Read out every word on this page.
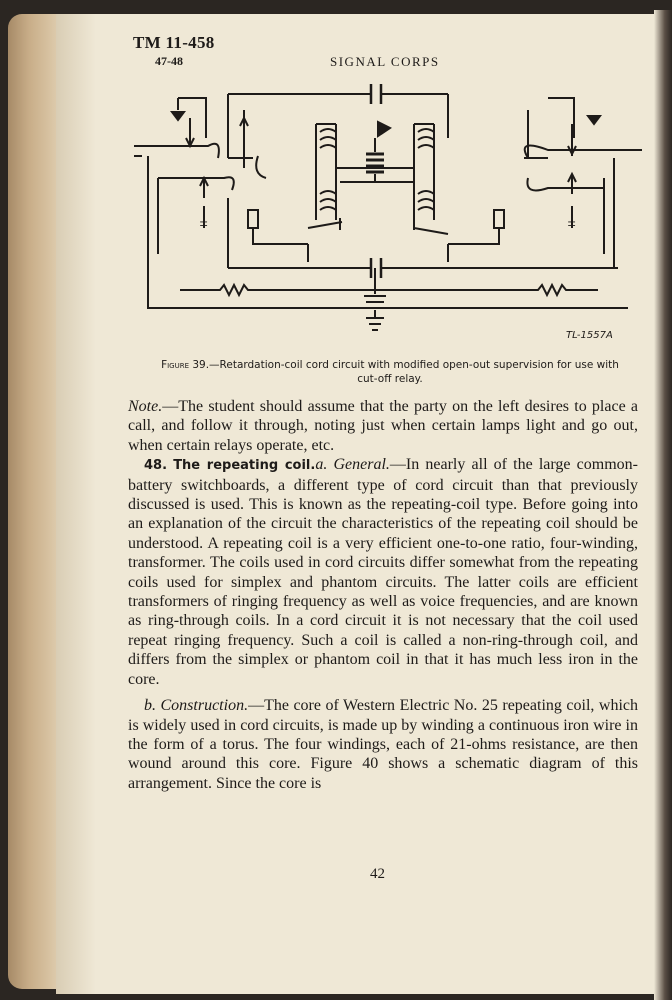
TM 11-458
47-48	SIGNAL CORPS
±	±
TL-1557A
Figure 39.—Retardation-coil cord circuit with modified open-out supervision for use with cut-off relay.

Note.—The student should assume that the party on the left desires to place a call, and follow it through, noting just when certain lamps light and go out, when certain relays operate, etc.

48. The repeating coil.a. General.—In nearly all of the large common-battery switchboards, a different type of cord circuit than that previously discussed is used. This is known as the repeating-coil type. Before going into an explanation of the circuit the characteristics of the repeating coil should be understood. A repeating coil is a very efficient one-to-one ratio, four-winding, transformer. The coils used in cord circuits differ somewhat from the repeating coils used for simplex and phantom circuits. The latter coils are efficient transformers of ringing frequency as well as voice frequencies, and are known as ring-through coils. In a cord circuit it is not necessary that the coil used repeat ringing frequency. Such a coil is called a non-ring-through coil, and differs from the simplex or phantom coil in that it has much less iron in the core.

b. Construction.—The core of Western Electric No. 25 repeating coil, which is widely used in cord circuits, is made up by winding a continuous iron wire in the form of a torus. The four windings, each of 21-ohms resistance, are then wound around this core. Figure 40 shows a schematic diagram of this arrangement. Since the core is

42
